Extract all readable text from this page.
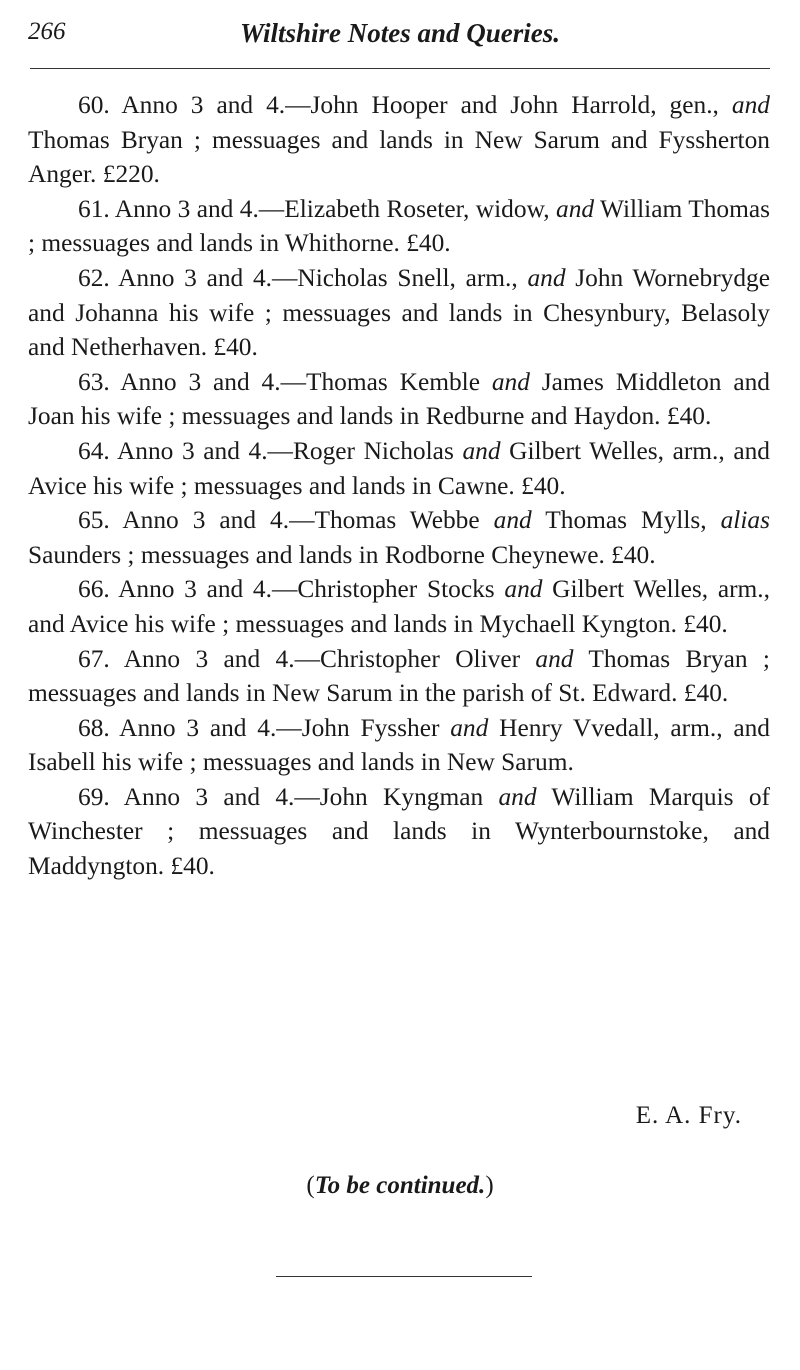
266	Wiltshire Notes and Queries.

60. Anno 3 and 4.—John Hooper and John Harrold, gen., and Thomas Bryan ; messuages and lands in New Sarum and Fyssherton Anger. £220.

61. Anno 3 and 4.—Elizabeth Roseter, widow, and William Thomas ; messuages and lands in Whithorne. £40.

62. Anno 3 and 4.—Nicholas Snell, arm., and John Wornebrydge and Johanna his wife ; messuages and lands in Chesynbury, Belasoly and Netherhaven. £40.

63. Anno 3 and 4.—Thomas Kemble and James Middleton and Joan his wife ; messuages and lands in Redburne and Haydon. £40.

64. Anno 3 and 4.—Roger Nicholas and Gilbert Welles, arm., and Avice his wife ; messuages and lands in Cawne. £40.

65. Anno 3 and 4.—Thomas Webbe and Thomas Mylls, alias Saunders ; messuages and lands in Rodborne Cheynewe. £40.

66. Anno 3 and 4.—Christopher Stocks and Gilbert Welles, arm., and Avice his wife ; messuages and lands in Mychaell Kyngton. £40.

67. Anno 3 and 4.—Christopher Oliver and Thomas Bryan ; messuages and lands in New Sarum in the parish of St. Edward. £40.

68. Anno 3 and 4.—John Fyssher and Henry Vvedall, arm., and Isabell his wife ; messuages and lands in New Sarum.

69. Anno 3 and 4.—John Kyngman and William Marquis of Winchester ; messuages and lands in Wynterbournstoke, and Maddyngton. £40.

E. A. Fry.
(To be continued.)
